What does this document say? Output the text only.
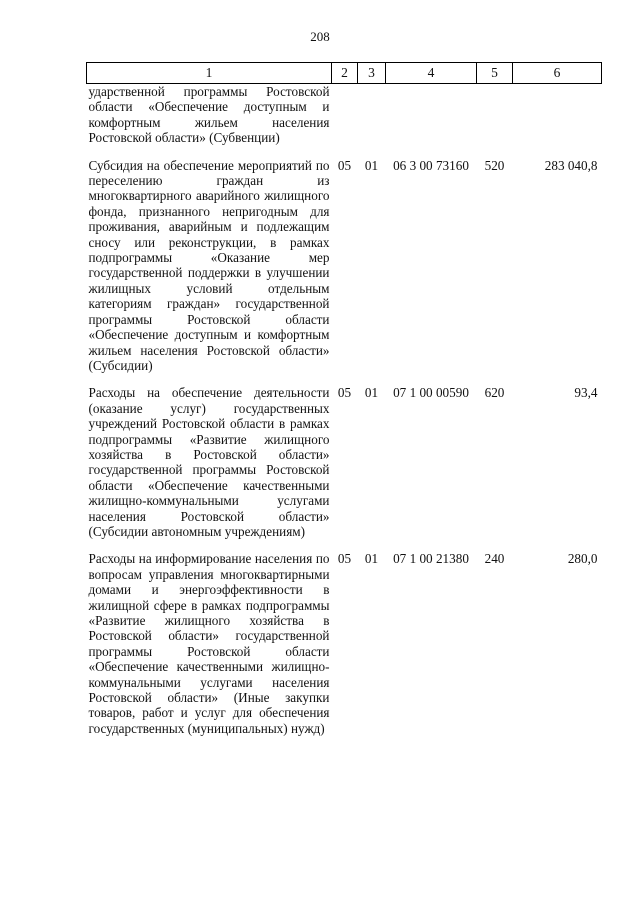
208
1	2	3	4	5	6
ударственной программы Ростовской области «Обеспечение доступным и комфортным жильем населения Ростовской области» (Субвенции)					
Субсидия на обеспечение мероприятий по переселению граждан из многоквартирного аварийного жилищного фонда, признанного непригодным для проживания, аварийным и подлежащим сносу или реконструкции, в рамках подпрограммы «Оказание мер государственной поддержки в улучшении жилищных условий отдельным категориям граждан» государственной программы Ростовской области «Обеспечение доступным и комфортным жильем населения Ростовской области» (Субсидии)	05	01	06 3 00 73160	520	283 040,8
Расходы на обеспечение деятельности (оказание услуг) государственных учреждений Ростовской области в рамках подпрограммы «Развитие жилищного хозяйства в Ростовской области» государственной программы Ростовской области «Обеспечение качественными жилищно-коммунальными услугами населения Ростовской области» (Субсидии автономным учреждениям)	05	01	07 1 00 00590	620	93,4
Расходы на информирование населения по вопросам управления многоквартирными домами и энергоэффективности в жилищной сфере в рамках подпрограммы «Развитие жилищного хозяйства в Ростовской области» государственной программы Ростовской области «Обеспечение качественными жилищно-коммунальными услугами населения Ростовской области» (Иные закупки товаров, работ и услуг для обеспечения государственных (муниципальных) нужд)	05	01	07 1 00 21380	240	280,0
